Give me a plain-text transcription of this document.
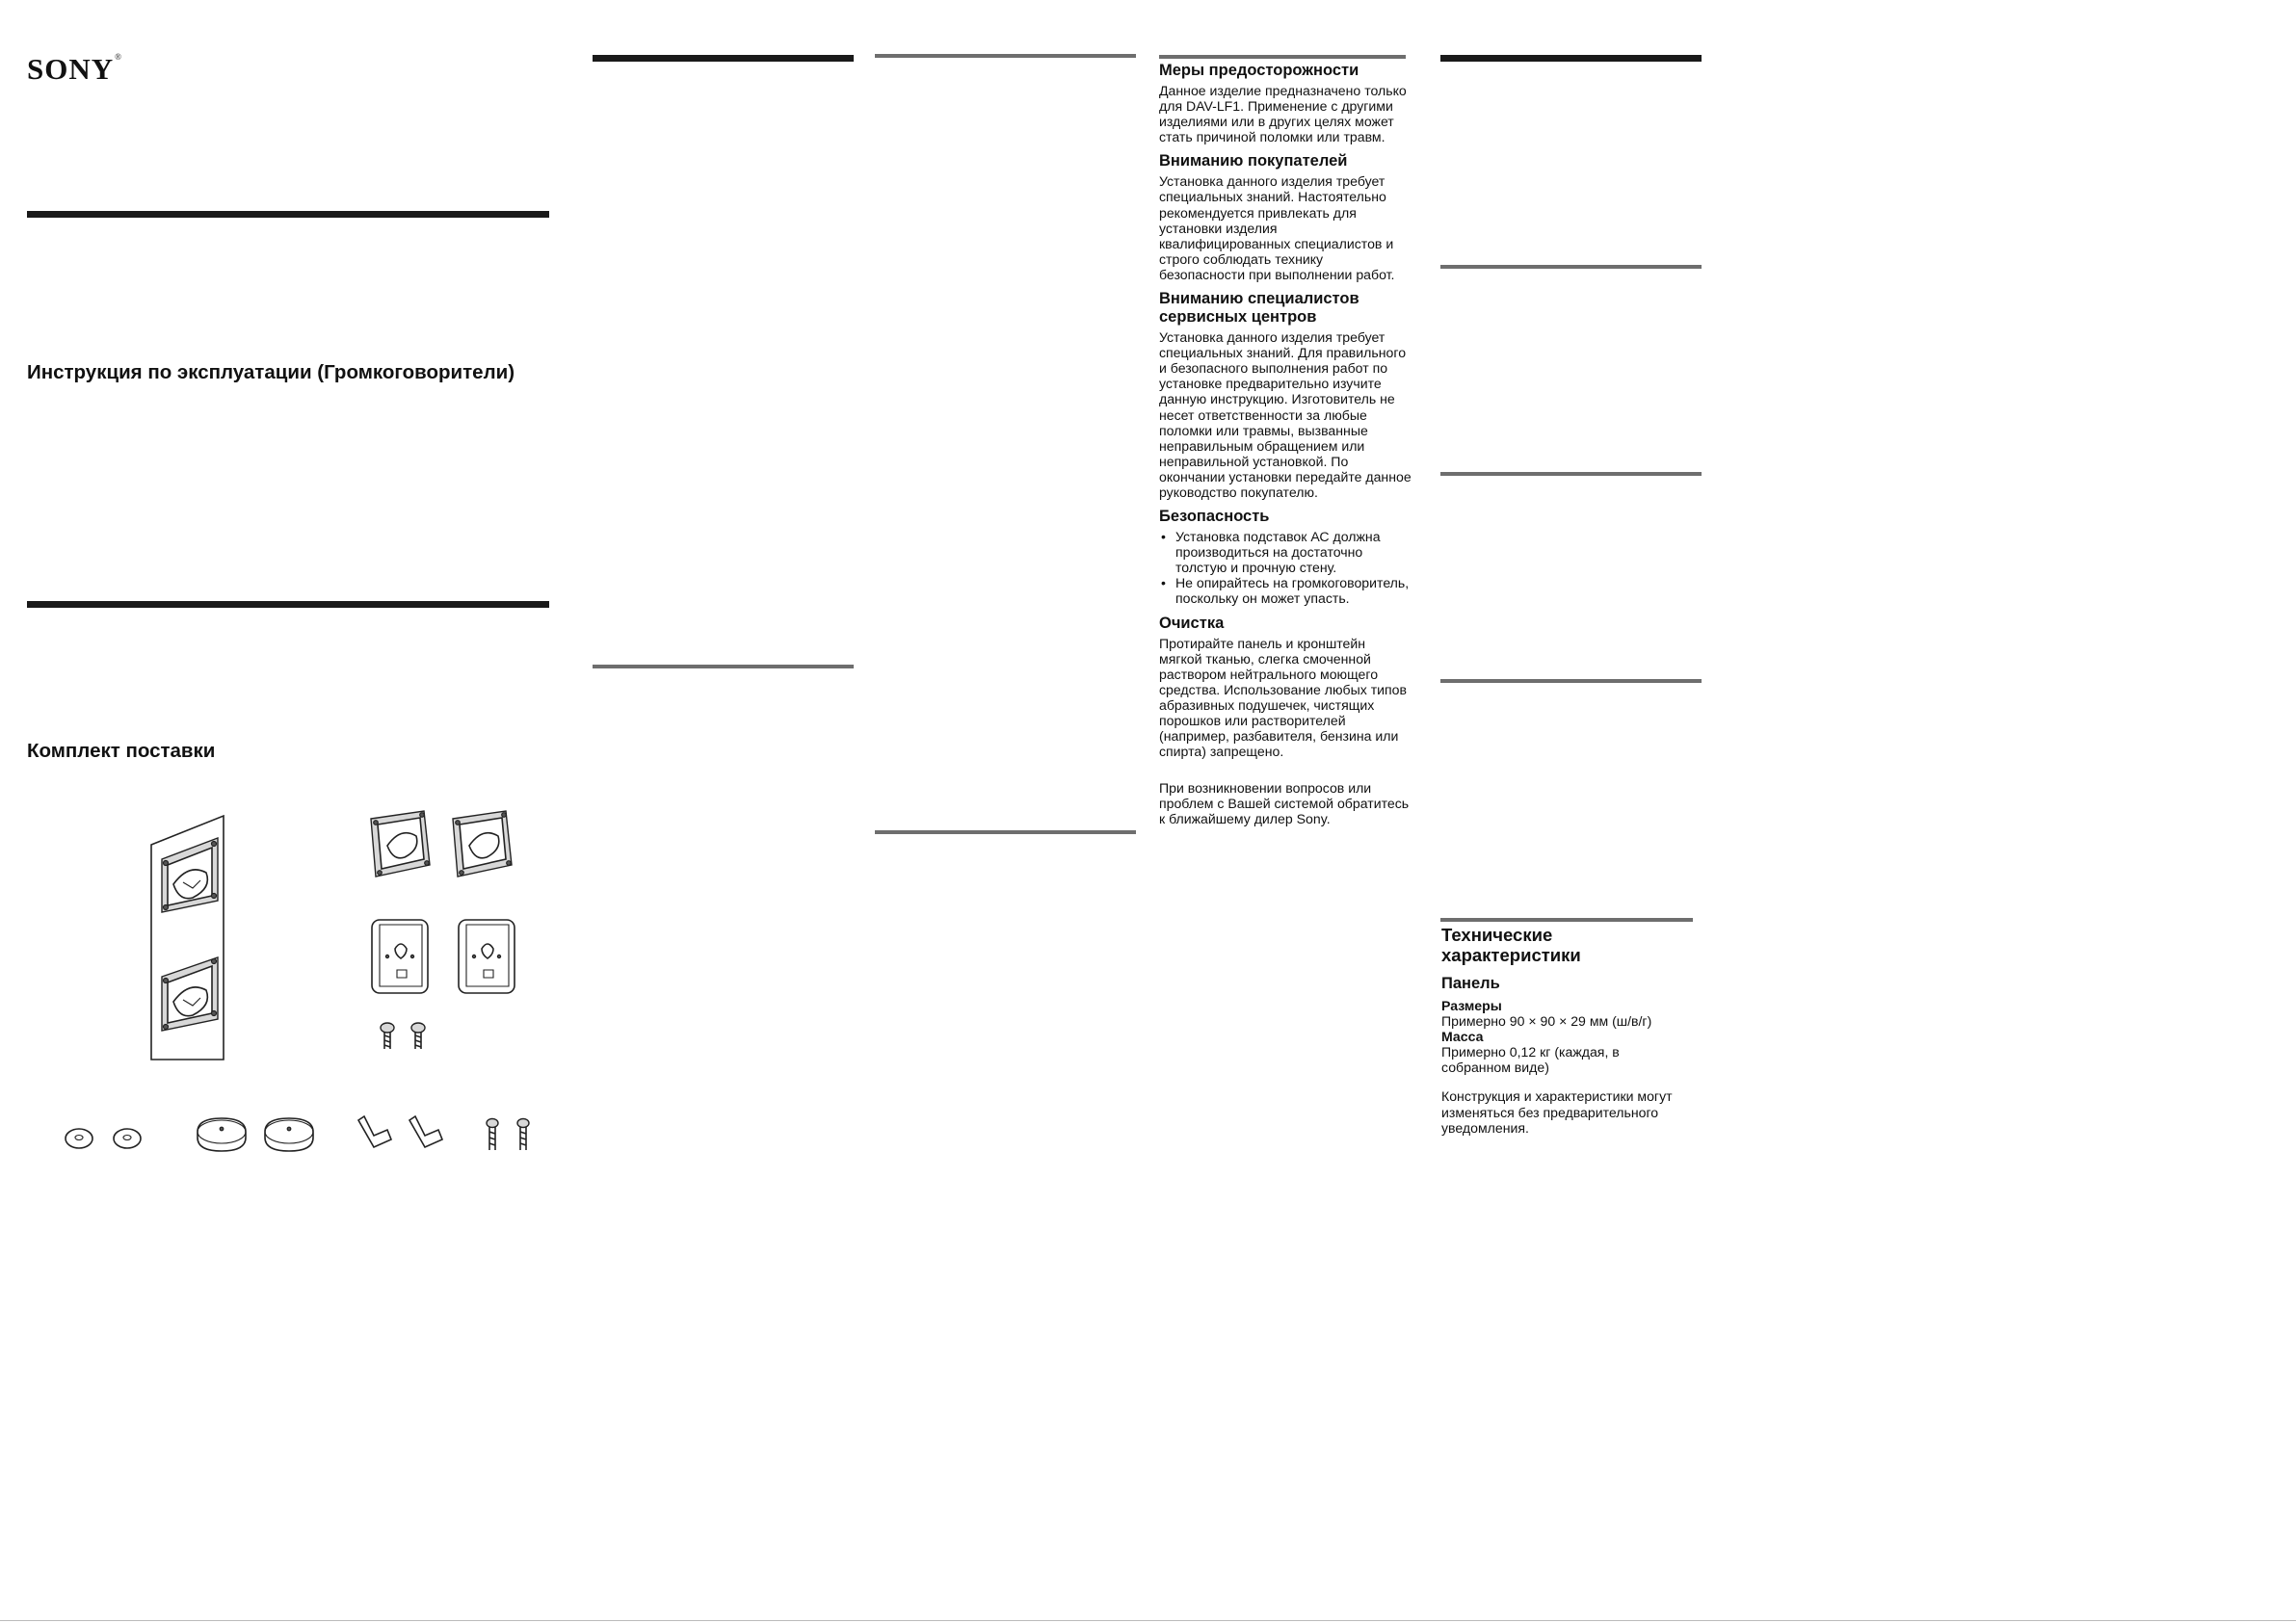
SONY®
Инструкция по эксплуатации (Громкоговорители)
Комплект поставки
Меры предосторожности

Данное изделие предназначено только для DAV-LF1. Применение с другими изделиями или в других целях может стать причиной поломки или травм.

Вниманию покупателей

Установка данного изделия требует специальных знаний. Настоятельно рекомендуется привлекать для установки изделия квалифицированных специалистов и строго соблюдать технику безопасности при выполнении работ.

Вниманию специалистов сервисных центров

Установка данного изделия требует специальных знаний. Для правильного и безопасного выполнения работ по установке предварительно изучите данную инструкцию. Изготовитель не несет ответственности за любые поломки или травмы, вызванные неправильным обращением или неправильной установкой. По окончании установки передайте данное руководство покупателю.

Безопасность
• Установка подставок АС должна производиться на достаточно толстую и прочную стену.
• Не опирайтесь на громкоговоритель, поскольку он может упасть.
Очистка

Протирайте панель и кронштейн мягкой тканью, слегка смоченной раствором нейтрального моющего средства. Использование любых типов абразивных подушечек, чистящих порошков или растворителей (например, разбавителя, бензина или спирта) запрещено.

При возникновении вопросов или проблем с Вашей системой обратитесь к ближайшему дилер Sony.

Технические характеристики
Панель
Размеры
Примерно 90 × 90 × 29 мм (ш/в/г)
Масса
Примерно 0,12 кг (каждая, в собранном виде)

Конструкция и характеристики могут изменяться без предварительного уведомления.
